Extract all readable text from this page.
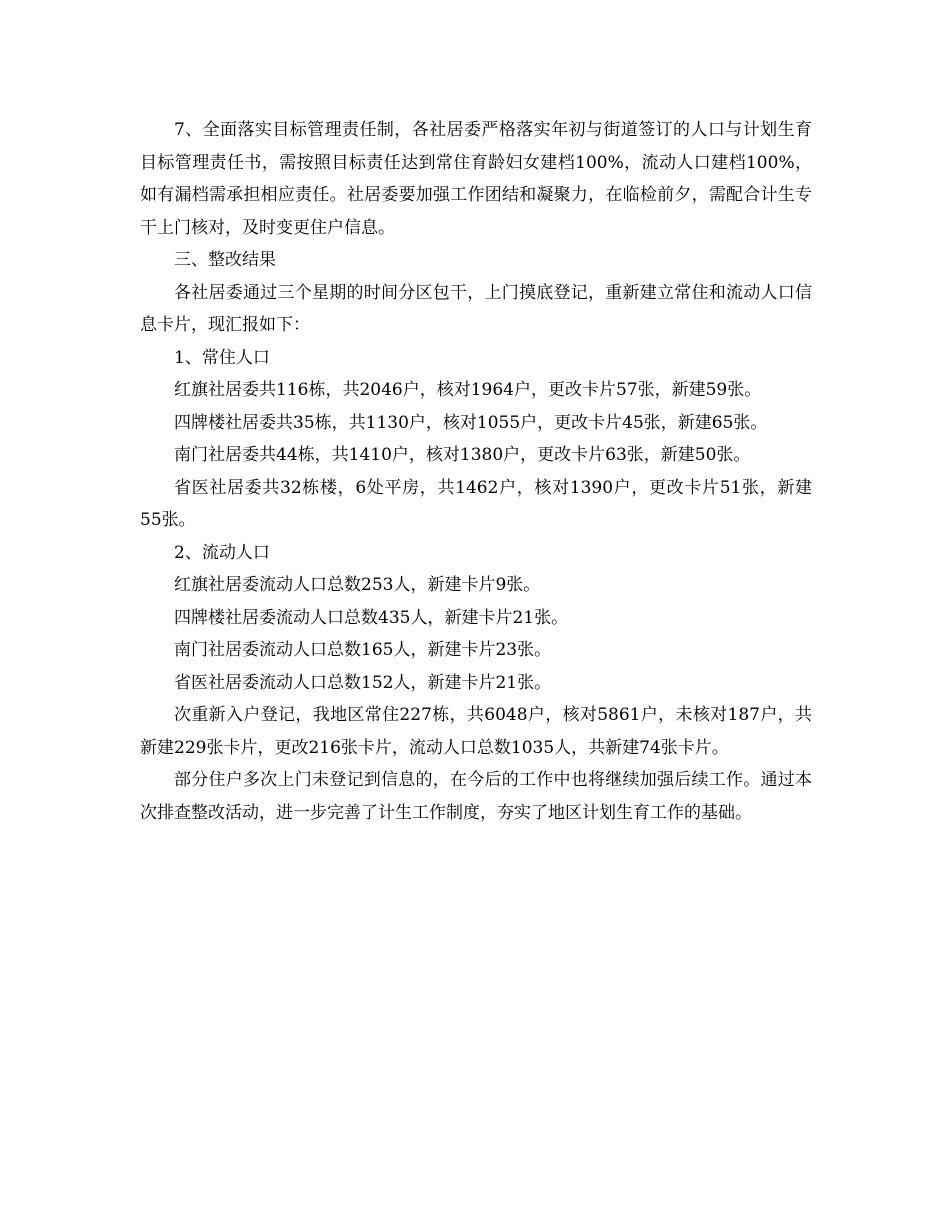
7、全面落实目标管理责任制，各社居委严格落实年初与街道签订的人口与计划生育目标管理责任书，需按照目标责任达到常住育龄妇女建档100%，流动人口建档100%，如有漏档需承担相应责任。社居委要加强工作团结和凝聚力，在临检前夕，需配合计生专干上门核对，及时变更住户信息。

三、整改结果

各社居委通过三个星期的时间分区包干，上门摸底登记，重新建立常住和流动人口信息卡片，现汇报如下：

1、常住人口

红旗社居委共116栋，共2046户，核对1964户，更改卡片57张，新建59张。

四牌楼社居委共35栋，共1130户，核对1055户，更改卡片45张，新建65张。

南门社居委共44栋，共1410户，核对1380户，更改卡片63张，新建50张。

省医社居委共32栋楼，6处平房，共1462户，核对1390户，更改卡片51张，新建55张。

2、流动人口

红旗社居委流动人口总数253人，新建卡片9张。

四牌楼社居委流动人口总数435人，新建卡片21张。

南门社居委流动人口总数165人，新建卡片23张。

省医社居委流动人口总数152人，新建卡片21张。

次重新入户登记，我地区常住227栋，共6048户，核对5861户，未核对187户，共新建229张卡片，更改216张卡片，流动人口总数1035人，共新建74张卡片。

部分住户多次上门未登记到信息的，在今后的工作中也将继续加强后续工作。通过本次排查整改活动，进一步完善了计生工作制度，夯实了地区计划生育工作的基础。
